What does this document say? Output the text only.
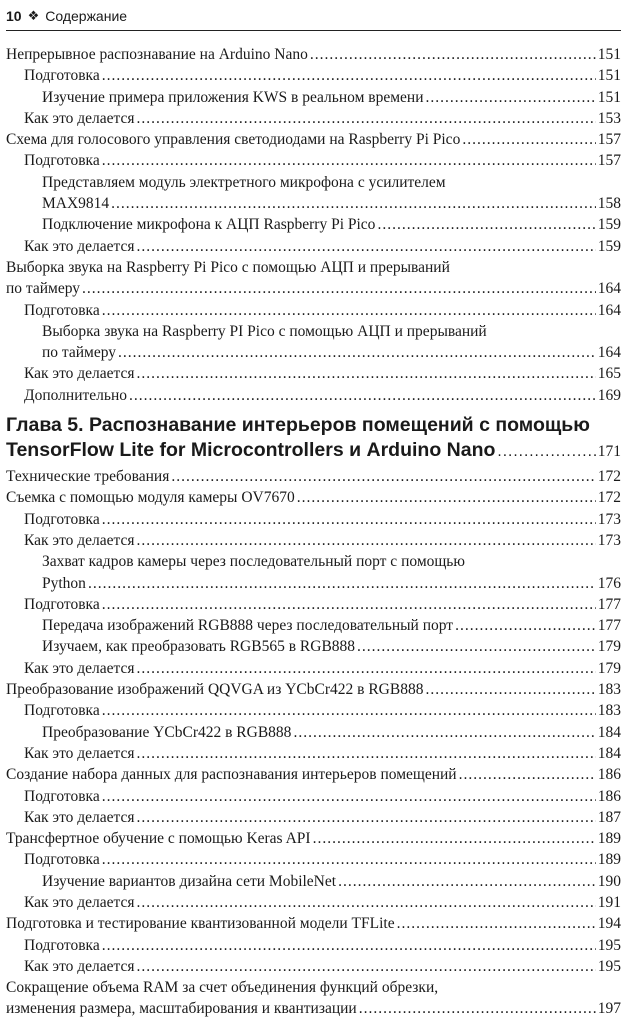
10 ❖ Содержание
Непрерывное распознавание на Arduino Nano .....	151
Подготовка .....	151
Изучение примера приложения KWS в реальном времени .....	151
Как это делается .....	153
Схема для голосового управления светодиодами на Raspberry Pi Pico .....	157
Подготовка .....	157
Представляем модуль электретного микрофона с усилителем
MAX9814 .....	158
Подключение микрофона к АЦП Raspberry Pi Pico .....	159
Как это делается .....	159
Выборка звука на Raspberry Pi Pico с помощью АЦП и прерываний
по таймеру .....	164
Подготовка .....	164
Выборка звука на Raspberry PI Pico с помощью АЦП и прерываний
по таймеру .....	164
Как это делается .....	165
Дополнительно .....	169
Глава 5. Распознавание интерьеров помещений с помощью
TensorFlow Lite for Microcontrollers и Arduino Nano .....	171
Технические требования .....	172
Съемка с помощью модуля камеры OV7670 .....	172
Подготовка .....	173
Как это делается .....	173
Захват кадров камеры через последовательный порт с помощью
Python .....	176
Подготовка .....	177
Передача изображений RGB888 через последовательный порт .....	177
Изучаем, как преобразовать RGB565 в RGB888 .....	179
Как это делается .....	179
Преобразование изображений QQVGA из YCbCr422 в RGB888 .....	183
Подготовка .....	183
Преобразование YCbCr422 в RGB888 .....	184
Как это делается .....	184
Создание набора данных для распознавания интерьеров помещений .....	186
Подготовка .....	186
Как это делается .....	187
Трансфертное обучение с помощью Keras API .....	189
Подготовка .....	189
Изучение вариантов дизайна сети MobileNet .....	190
Как это делается .....	191
Подготовка и тестирование квантизованной модели TFLite .....	194
Подготовка .....	195
Как это делается .....	195
Сокращение объема RAM за счет объединения функций обрезки,
изменения размера, масштабирования и квантизации .....	197
